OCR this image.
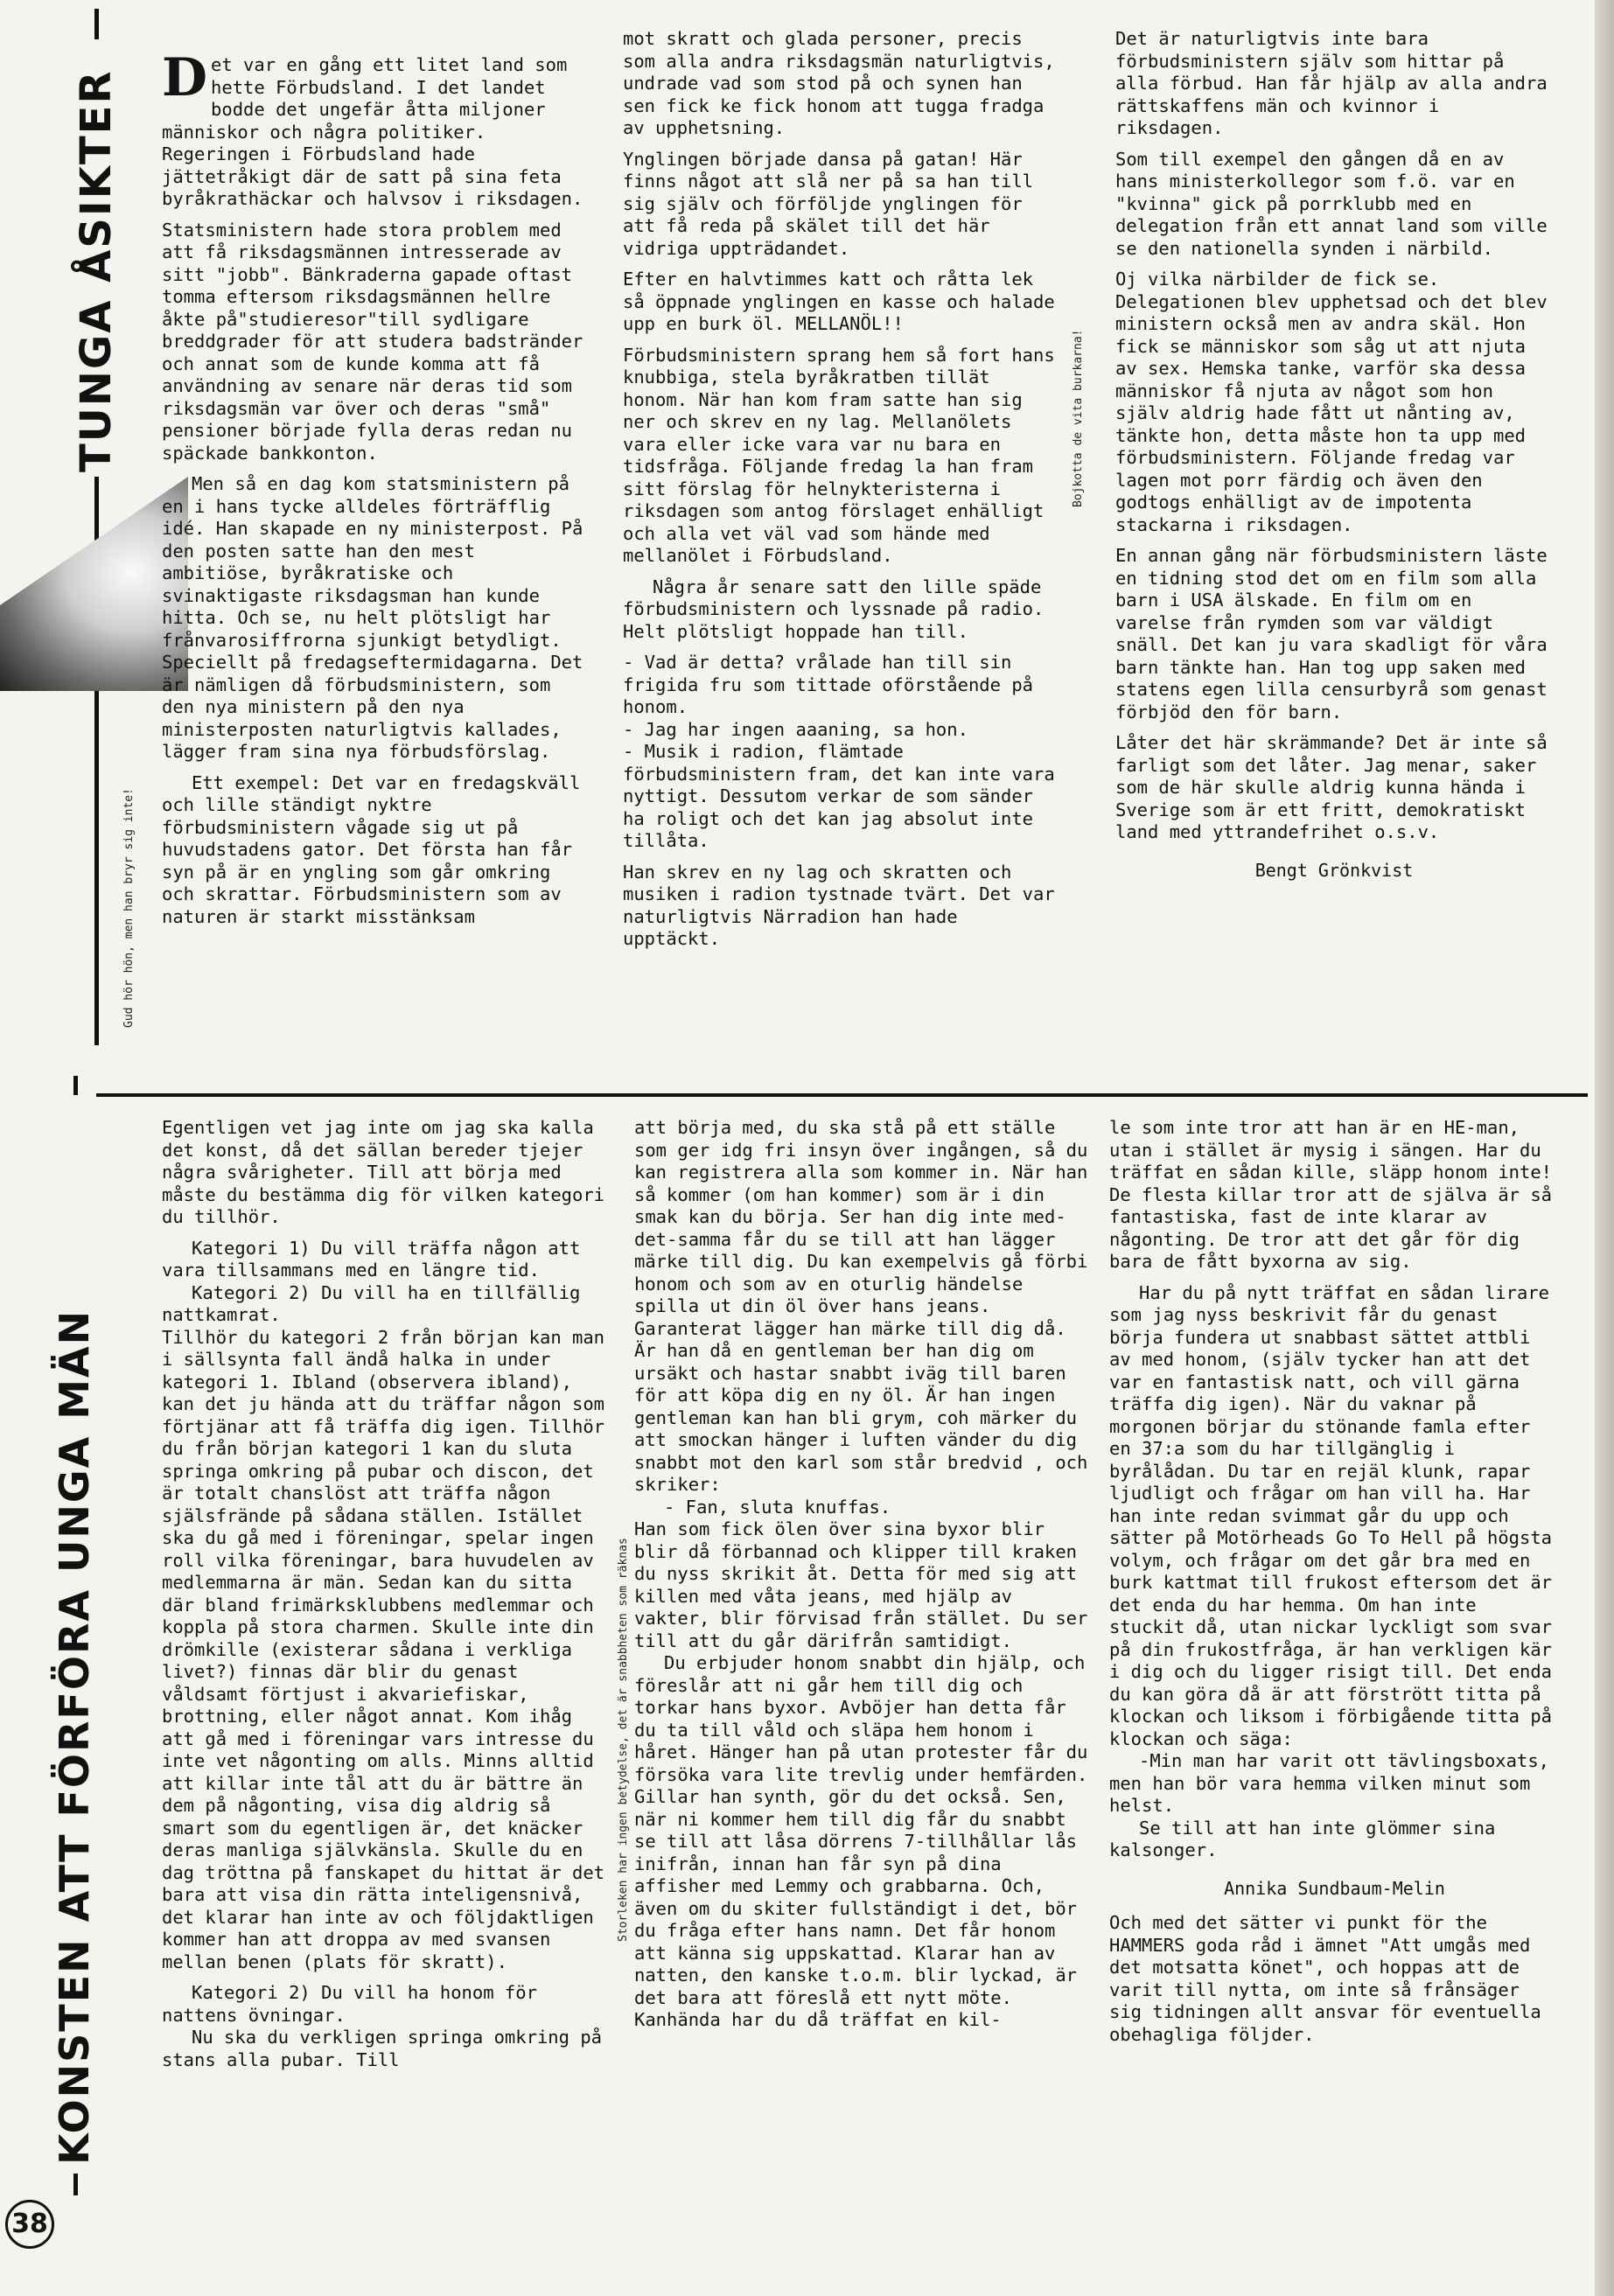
TUNGA ÅSIKTER
Gud hör hön, men han bryr sig inte!
Bojkotta de vita burkarna!

Det var en gång ett litet land som hette Förbudsland. I det landet bodde det ungefär åtta miljoner människor och några politiker. Regeringen i Förbudsland hade jättetråkigt där de satt på sina feta byråkrathäckar och halvsov i riksdagen.

Statsministern hade stora problem med att få riksdagsmännen intresserade av sitt "jobb". Bänkraderna gapade oftast tomma eftersom riksdagsmännen hellre åkte på"studieresor"till sydligare breddgrader för att studera badstränder och annat som de kunde komma att få användning av senare när deras tid som riksdagsmän var över och deras "små" pensioner började fylla deras redan nu späckade bankkonton.

Men så en dag kom statsministern på en i hans tycke alldeles förträfflig idé. Han skapade en ny ministerpost. På den posten satte han den mest ambitiöse, byråkratiske och svinaktigaste riksdagsman han kunde hitta. Och se, nu helt plötsligt har frånvarosiffrorna sjunkigt betydligt. Speciellt på fredagseftermidagarna. Det är nämligen då förbudsministern, som den nya ministern på den nya ministerposten naturligtvis kallades, lägger fram sina nya förbudsförslag.

Ett exempel: Det var en fredagskväll och lille ständigt nyktre förbudsministern vågade sig ut på huvudstadens gator. Det första han får syn på är en yngling som går omkring och skrattar. Förbudsministern som av naturen är starkt misstänksam

mot skratt och glada personer, precis som alla andra riksdagsmän naturligtvis, undrade vad som stod på och synen han sen fick ke fick honom att tugga fradga av upphetsning.

Ynglingen började dansa på gatan! Här finns något att slå ner på sa han till sig själv och förföljde ynglingen för att få reda på skälet till det här vidriga uppträdandet.

Efter en halvtimmes katt och råtta lek så öppnade ynglingen en kasse och halade upp en burk öl. MELLANÖL!!

Förbudsministern sprang hem så fort hans knubbiga, stela byråkratben tillät honom. När han kom fram satte han sig ner och skrev en ny lag. Mellanölets vara eller icke vara var nu bara en tidsfråga. Följande fredag la han fram sitt förslag för helnykteristerna i riksdagen som antog förslaget enhälligt och alla vet väl vad som hände med mellanölet i Förbudsland.

Några år senare satt den lille späde förbudsministern och lyssnade på radio. Helt plötsligt hoppade han till.

- Vad är detta? vrålade han till sin frigida fru som tittade oförstående på honom.

- Jag har ingen aaaning, sa hon.

- Musik i radion, flämtade förbudsministern fram, det kan inte vara nyttigt. Dessutom verkar de som sänder ha roligt och det kan jag absolut inte tillåta.

Han skrev en ny lag och skratten och musiken i radion tystnade tvärt. Det var naturligtvis Närradion han hade upptäckt.

Det är naturligtvis inte bara förbudsministern själv som hittar på alla förbud. Han får hjälp av alla andra rättskaffens män och kvinnor i riksdagen.

Som till exempel den gången då en av hans ministerkollegor som f.ö. var en "kvinna" gick på porrklubb med en delegation från ett annat land som ville se den nationella synden i närbild.

Oj vilka närbilder de fick se. Delegationen blev upphetsad och det blev ministern också men av andra skäl. Hon fick se människor som såg ut att njuta av sex. Hemska tanke, varför ska dessa människor få njuta av något som hon själv aldrig hade fått ut nånting av, tänkte hon, detta måste hon ta upp med förbudsministern. Följande fredag var lagen mot porr färdig och även den godtogs enhälligt av de impotenta stackarna i riksdagen.

En annan gång när förbudsministern läste en tidning stod det om en film som alla barn i USA älskade. En film om en varelse från rymden som var väldigt snäll. Det kan ju vara skadligt för våra barn tänkte han. Han tog upp saken med statens egen lilla censurbyrå som genast förbjöd den för barn.

Låter det här skrämmande? Det är inte så farligt som det låter. Jag menar, saker som de här skulle aldrig kunna hända i Sverige som är ett fritt, demokratiskt land med yttrandefrihet o.s.v.

Bengt Grönkvist
KONSTEN ATT FÖRFÖRA UNGA MÄN	Storleken har ingen betydelse, det är snabbheten som räknas

Egentligen vet jag inte om jag ska kalla det konst, då det sällan bereder tjejer några svårigheter. Till att börja med måste du bestämma dig för vilken kategori du tillhör.

Kategori 1) Du vill träffa någon att vara tillsammans med en längre tid.

Kategori 2) Du vill ha en tillfällig nattkamrat.

Tillhör du kategori 2 från början kan man i sällsynta fall ändå halka in under kategori 1. Ibland (observera ibland), kan det ju hända att du träffar någon som förtjänar att få träffa dig igen. Tillhör du från början kategori 1 kan du sluta springa omkring på pubar och discon, det är totalt chanslöst att träffa någon själsfrände på sådana ställen. Istället ska du gå med i föreningar, spelar ingen roll vilka föreningar, bara huvudelen av medlemmarna är män. Sedan kan du sitta där bland frimärksklubbens medlemmar och koppla på stora charmen. Skulle inte din drömkille (existerar sådana i verkliga livet?) finnas där blir du genast våldsamt förtjust i akvariefiskar, brottning, eller något annat. Kom ihåg att gå med i föreningar vars intresse du inte vet någonting om alls. Minns alltid att killar inte tål att du är bättre än dem på någonting, visa dig aldrig så smart som du egentligen är, det knäcker deras manliga självkänsla. Skulle du en dag tröttna på fanskapet du hittat är det bara att visa din rätta inteligensnivå, det klarar han inte av och följdaktligen kommer han att droppa av med svansen mellan benen (plats för skratt).

Kategori 2) Du vill ha honom för nattens övningar.

Nu ska du verkligen springa omkring på stans alla pubar. Till

att börja med, du ska stå på ett ställe som ger idg fri insyn över ingången, så du kan registrera alla som kommer in. När han så kommer (om han kommer) som är i din smak kan du börja. Ser han dig inte med-det-samma får du se till att han lägger märke till dig. Du kan exempelvis gå förbi honom och som av en oturlig händelse spilla ut din öl över hans jeans. Garanterat lägger han märke till dig då.

Är han då en gentleman ber han dig om ursäkt och hastar snabbt iväg till baren för att köpa dig en ny öl. Är han ingen gentleman kan han bli grym, coh märker du att smockan hänger i luften vänder du dig snabbt mot den karl som står bredvid , och skriker:

- Fan, sluta knuffas.

Han som fick ölen över sina byxor blir blir då förbannad och klipper till kraken du nyss skrikit åt. Detta för med sig att killen med våta jeans, med hjälp av vakter, blir förvisad från stället. Du ser till att du går därifrån samtidigt.

Du erbjuder honom snabbt din hjälp, och föreslår att ni går hem till dig och torkar hans byxor. Avböjer han detta får du ta till våld och släpa hem honom i håret. Hänger han på utan protester får du försöka vara lite trevlig under hemfärden. Gillar han synth, gör du det också. Sen, när ni kommer hem till dig får du snabbt se till att låsa dörrens 7-tillhållar lås inifrån, innan han får syn på dina affisher med Lemmy och grabbarna. Och, även om du skiter fullständigt i det, bör du fråga efter hans namn. Det får honom att känna sig uppskattad. Klarar han av natten, den kanske t.o.m. blir lyckad, är det bara att föreslå ett nytt möte. Kanhända har du då träffat en kil-

le som inte tror att han är en HE-man, utan i stället är mysig i sängen. Har du träffat en sådan kille, släpp honom inte! De flesta killar tror att de själva är så fantastiska, fast de inte klarar av någonting. De tror att det går för dig bara de fått byxorna av sig.

Har du på nytt träffat en sådan lirare som jag nyss beskrivit får du genast börja fundera ut snabbast sättet attbli av med honom, (själv tycker han att det var en fantastisk natt, och vill gärna träffa dig igen). När du vaknar på morgonen börjar du stönande famla efter en 37:a som du har tillgänglig i byrålådan. Du tar en rejäl klunk, rapar ljudligt och frågar om han vill ha. Har han inte redan svimmat går du upp och sätter på Motörheads Go To Hell på högsta volym, och frågar om det går bra med en burk kattmat till frukost eftersom det är det enda du har hemma. Om han inte stuckit då, utan nickar lyckligt som svar på din frukostfråga, är han verkligen kär i dig och du ligger risigt till. Det enda du kan göra då är att förstrött titta på klockan och liksom i förbigående titta på klockan och säga:

-Min man har varit ott tävlingsboxats, men han bör vara hemma vilken minut som helst.

Se till att han inte glömmer sina kalsonger.

Annika Sundbaum-Melin

Och med det sätter vi punkt för the HAMMERS goda råd i ämnet "Att umgås med det motsatta könet", och hoppas att de varit till nytta, om inte så frånsäger sig tidningen allt ansvar för eventuella obehagliga följder.

38
